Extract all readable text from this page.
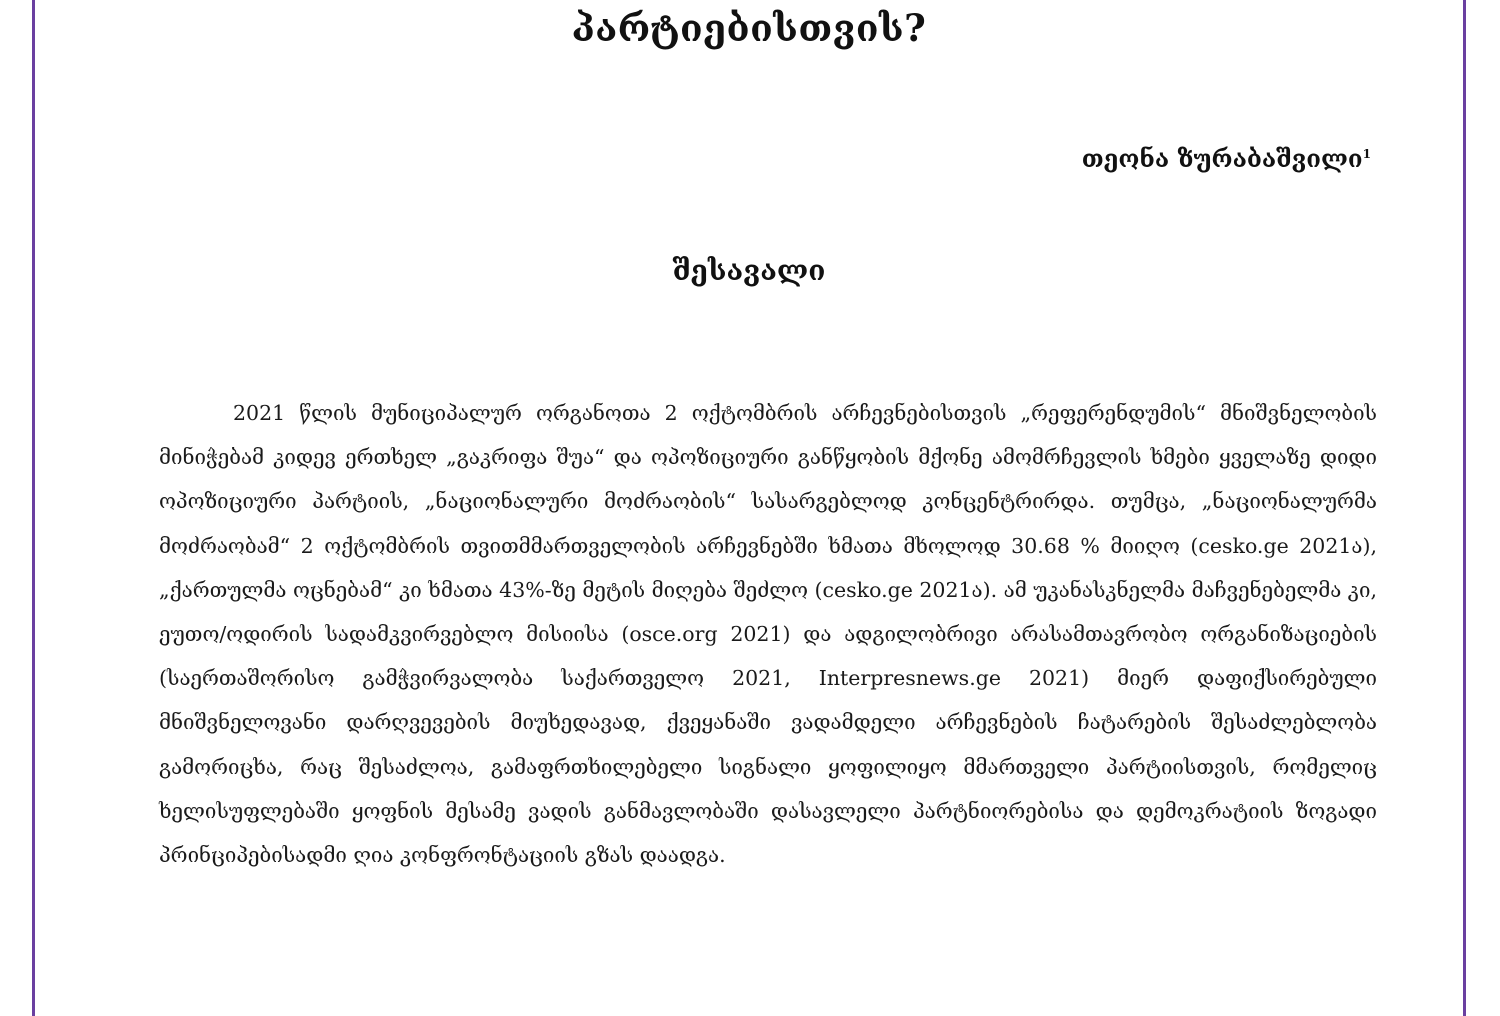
პარტიებისთვის?
თეონა ზურაბაშვილი$^1$
შესავალი

2021 წლის მუნიციპალურ ორგანოთა 2 ოქტომბრის არჩევნებისთვის „რეფერენდუმის“ მნიშვნელობის მინიჭებამ კიდევ ერთხელ „გაკრიფა შუა“ და ოპოზიციური განწყობის მქონე ამომრჩევლის ხმები ყველაზე დიდი ოპოზიციური პარტიის, „ნაციონალური მოძრაობის“ სასარგებლოდ კონცენტრირდა. თუმცა, „ნაციონალურმა მოძრაობამ“ 2 ოქტომბრის თვითმმართველობის არჩევნებში ხმათა მხოლოდ 30.68 % მიიღო (cesko.ge 2021ა), „ქართულმა ოცნებამ“ კი ხმათა 43%-ზე მეტის მიღება შეძლო (cesko.ge 2021ა). ამ უკანასკნელმა მაჩვენებელმა კი, ეუთო/ოდირის სადამკვირვებლო მისიისა (osce.org 2021) და ადგილობრივი არასამთავრობო ორგანიზაციების (საერთაშორისო გამჭვირვალობა საქართველო 2021, Interpresnews.ge 2021) მიერ დაფიქსირებული მნიშვნელოვანი დარღვევების მიუხედავად, ქვეყანაში ვადამდელი არჩევნების ჩატარების შესაძლებლობა გამორიცხა, რაც შესაძლოა, გამაფრთხილებელი სიგნალი ყოფილიყო მმართველი პარტიისთვის, რომელიც ხელისუფლებაში ყოფნის მესამე ვადის განმავლობაში დასავლელი პარტნიორებისა და დემოკრატიის ზოგადი პრინციპებისადმი ღია კონფრონტაციის გზას დაადგა.
